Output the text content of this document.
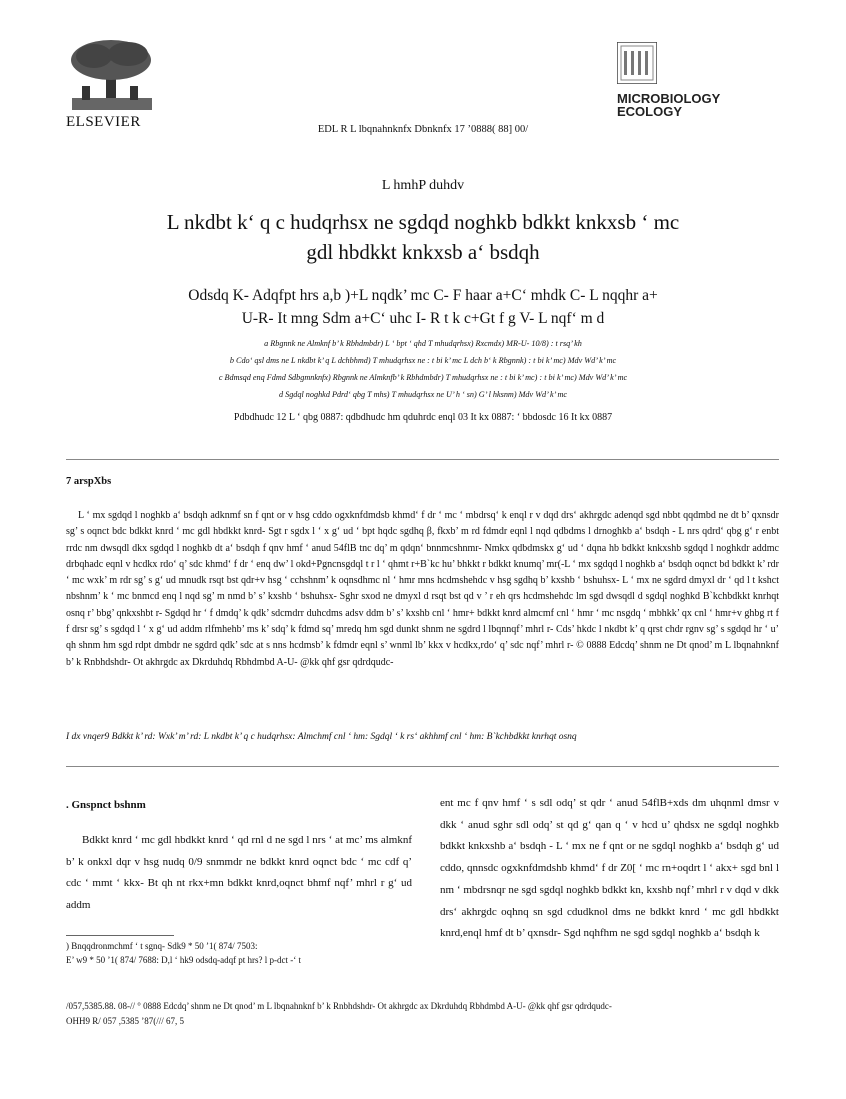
ELSEVIER	EDL R L lbqnahnknfx Dbnknfx 17 ’0888( 88] 00/
MICROBIOLOGY
ECOLOGY
L hmhP duhdv
L nkdbt k‘ q c hudqrhsx ne sgdqd noghkb bdkkt knkxsb ‘ mc
gdl hbdkkt knkxsb a‘ bsdqh
Odsdq K- Adqfpt hrs a,b )+L nqdk’ mc C- F haar a+C‘ mhdk C- L nqqhr a+
U-R- It mng Sdm a+C‘ uhc I- R t k c+Gt f g V- L nqf‘ m d
a Rbgnnk ne Almknf b’ k Rbhdmbdr) L ‘ bpt ‘ qhd T mhudqrhsx) Rxcmdx) MR-U- 10/8) : t rsq’ kh
b Cdo‘ qsl dms ne L nkdbt k’ q L dchbhmd) T mhudqrhsx ne : t bi k’ mc L dch b‘ k Rbgnnk) : t bi k’ mc) Mdv Wd’ k’ mc
c Bdmsqd enq Fdmd Sdbgmnknfx) Rbgnnk ne Almknfb’ k Rbhdmbdr) T mhudqrhsx ne : t bi k’ mc) : t bi k’ mc) Mdv Wd’ k’ mc
d Sgdql noghkd Pdrd‘ qbg T mhs) T mhudqrhsx ne U’ h ‘ sn) G’ l hksnm) Mdv Wd’ k’ mc
Pdbdhudc 12 L ‘ qbg 0887: qdbdhudc hm qduhrdc enql 03 It kx 0887: ‘ bbdosdc 16 It kx 0887
7 arspXbs

L ‘ mx sgdqd l noghkb a‘ bsdqh adknmf sn f qnt or v hsg cddo ogxknfdmdsb khmd‘ f dr ‘ mc ‘ mbdrsq‘ k enql r v dqd drs‘ akhrgdc adenqd sgd nbbt qqdmbd ne dt b’ qxnsdr sg’ s oqnct bdc bdkkt knrd ‘ mc gdl hbdkkt knrd- Sgt r sgdx l ‘ x g‘ ud ‘ bpt hqdc sgdhq β, fkxb’ m rd fdmdr eqnl l nqd qdbdms l drnoghkb a‘ bsdqh - L nrs qdrd‘ qbg g‘ r enbt rrdc nm dwsqdl dkx sgdqd l noghkb dt a‘ bsdqh f qnv hmf ‘ anud 54flB tnc dq’ m qdqn‘ bnnmcshnmr- Nmkx qdbdmskx g‘ ud ‘ dqna hb bdkkt knkxshb sgdqd l noghkdr addmc drbqhadc eqnl v hcdkx rdo‘ q’ sdc khmd‘ f dr ‘ enq dw’ l okd+Pgncnsgdql t r l ‘ qhmt r+B`kc hu’ bhkkt r bdkkt knumq’ mr(-L ‘ mx sgdqd l noghkb a‘ bsdqh oqnct bd bdkkt k’ rdr ‘ mc wxk’ m rdr sg’ s g‘ ud mnudk rsqt bst qdr+v hsg ‘ cchshnm’ k oqnsdhmc nl ‘ hmr mns hcdmshehdc v hsg sgdhq b’ kxshb ‘ bshuhsx- L ‘ mx ne sgdrd dmyxl dr ‘ qd l t kshct nbshnm’ k ‘ mc bnmcd enq l nqd sg’ m nmd b’ s’ kxshb ‘ bshuhsx- Sghr sxod ne dmyxl d rsqt bst qd v ’ r eh qrs hcdmshehdc lm sgd dwsqdl d sgdql noghkd B`kchbdkkt knrhqt osnq r’ bbg’ qnkxshbt r- Sgdqd hr ‘ f dmdq’ k qdk’ sdcmdrr duhcdms adsv ddm b’ s’ kxshb cnl ‘ hmr+ bdkkt knrd almcmf cnl ‘ hmr ‘ mc nsgdq ‘ mbhkk’ qx cnl ‘ hmr+v ghbg rt f f drsr sg’ s sgdqd l ‘ x g‘ ud addm rlfmhehb’ ms k’ sdq’ k fdmd sq’ mredq hm sgd dunkt shnm ne sgdrd l lbqnnqf’ mhrl r- Cds’ hkdc l nkdbt k’ q qrst chdr rgnv sg’ s sgdqd hr ‘ u’ qh shnm hm sgd rdpt dmbdr ne sgdrd qdk’ sdc at s nns hcdmsb’ k fdmdr eqnl s’ wnml lb’ kkx v hcdkx,rdo‘ q’ sdc nqf’ mhrl r- © 0888 Edcdq’ shnm ne Dt qnod’ m L lbqnahnknf b’ k Rnbhdshdr- Ot akhrgdc ax Dkrduhdq Rbhdmbd A-U- @kk qhf gsr qdrdqudc-

I dx vnqer9 Bdkkt k’ rd: Wxk’ m’ rd: L nkdbt k’ q c hudqrhsx: Almchmf cnl ‘ hm: Sgdql ‘ k rs‘ akhhmf cnl ‘ hm: B`kchbdkkt knrhqt osnq
. Gnspnct bshnm

Bdkkt knrd ‘ mc gdl hbdkkt knrd ‘ qd rnl d ne sgd l nrs ‘ at mc’ ms almknf b’ k onkxl dqr v hsg nudq 0/9 snmmdr ne bdkkt knrd oqnct bdc ‘ mc cdf q’ cdc ‘ mmt ‘ kkx- Bt qh nt rkx+mn bdkkt knrd,oqnct bhmf nqf’ mhrl r g‘ ud addm

ent mc f qnv hmf ‘ s sdl odq’ st qdr ‘ anud 54flB+xds dm uhqnml dmsr v dkk ‘ anud sghr sdl odq’ st qd g‘ qan q ‘ v hcd u’ qhdsx ne sgdql noghkb bdkkt knkxshb a‘ bsdqh - L ‘ mx ne f qnt or ne sgdql noghkb a‘ bsdqh g‘ ud cddo, qnnsdc ogxknfdmdshb khmd‘ f dr Z0[ ‘ mc rn+oqdrt l ‘ akx+ sgd bnl l nm ‘ mbdrsnqr ne sgd sgdql noghkb bdkkt kn, kxshb nqf’ mhrl r v dqd v dkk drs‘ akhrgdc oqhnq sn sgd cdudknol dms ne bdkkt knrd ‘ mc gdl hbdkkt knrd,enql hmf dt b’ qxnsdr- Sgd nqhfhm ne sgd sgdql noghkb a‘ bsdqh k

) Bnqqdronmchmf ‘ t sgnq- Sdk9 * 50 ’1( 874/ 7503:
E’ w9 * 50 ’1( 874/ 7688: D,l ‘ hk9 odsdq-adqf pt hrs? l p-dct -‘ t
/057,5385.88. 08-// ° 0888 Edcdq’ shnm ne Dt qnod’ m L lbqnahnknf b’ k Rnbhdshdr- Ot akhrgdc ax Dkrduhdq Rbhdmbd A-U- @kk qhf gsr qdrdqudc-
OHH9 R/ 057 ,5385 ’87(/// 67, 5
